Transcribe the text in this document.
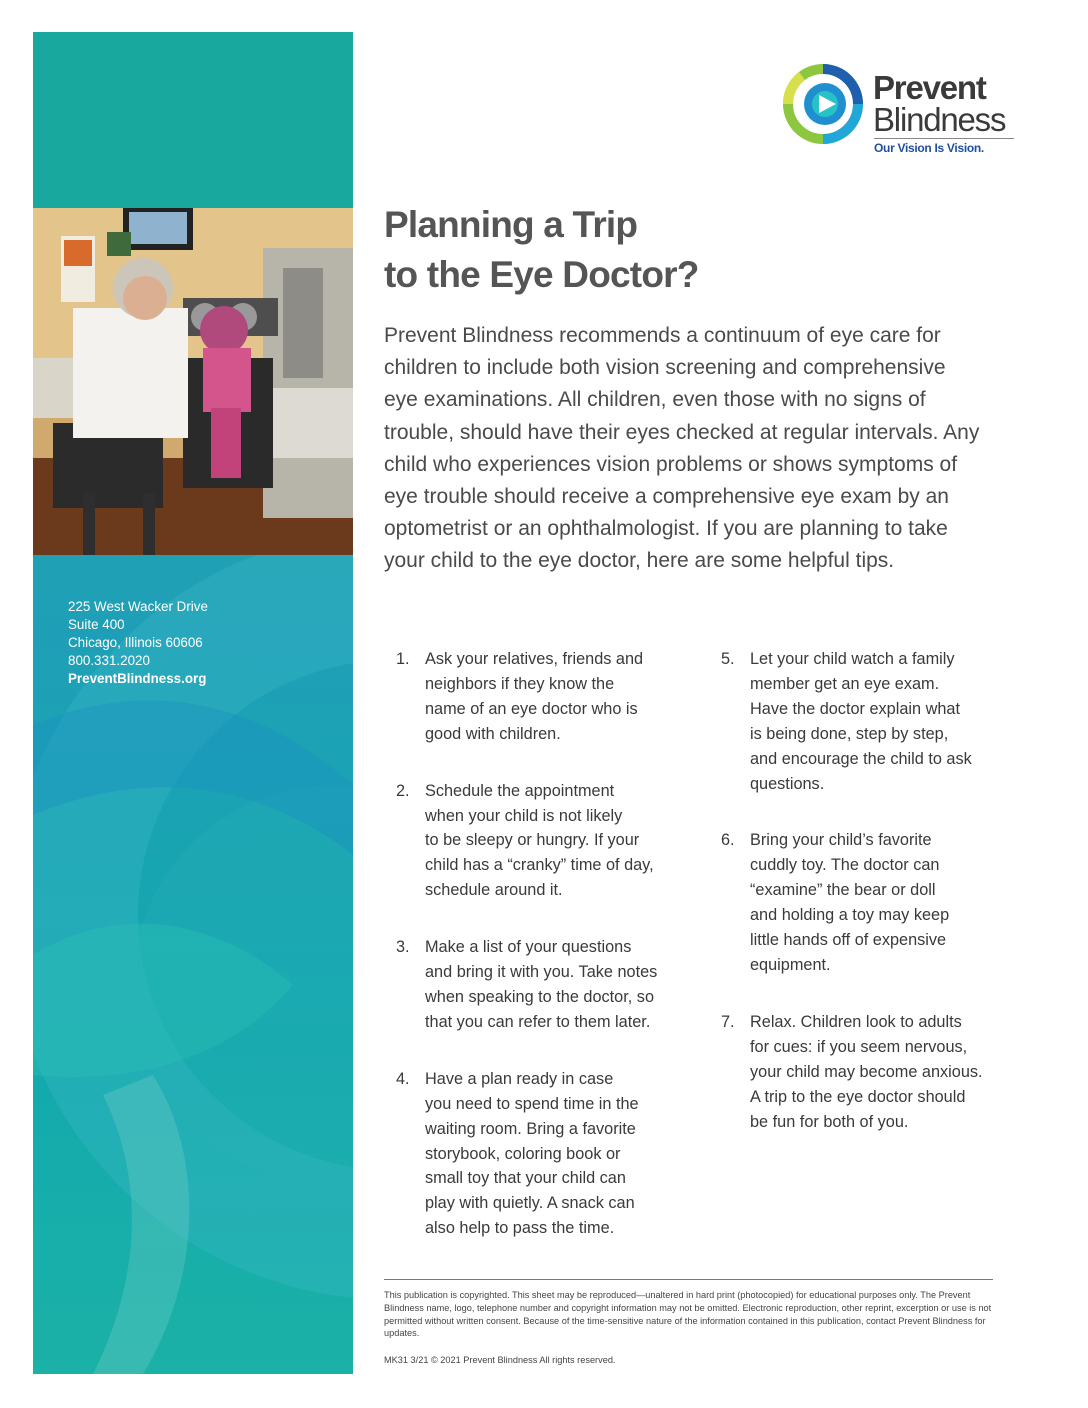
225 West Wacker Drive
Suite 400
Chicago, Illinois 60606
800.331.2020
PreventBlindness.org
Prevent
Blindness
Our Vision Is Vision.
Planning a Trip
to the Eye Doctor?

Prevent Blindness recommends a continuum of eye care for children to include both vision screening and comprehensive eye examinations. All children, even those with no signs of trouble, should have their eyes checked at regular intervals. Any child who experiences vision problems or shows symptoms of eye trouble should receive a comprehensive eye exam by an optometrist or an ophthalmologist. If you are planning to take your child to the eye doctor, here are some helpful tips.

1. Ask your relatives, friends and
neighbors if they know the
name of an eye doctor who is
good with children.
2. Schedule the appointment
when your child is not likely
to be sleepy or hungry. If your
child has a “cranky” time of day,
schedule around it.
3. Make a list of your questions
and bring it with you. Take notes
when speaking to the doctor, so
that you can refer to them later.
4. Have a plan ready in case
you need to spend time in the
waiting room. Bring a favorite
storybook, coloring book or
small toy that your child can
play with quietly. A snack can
also help to pass the time.
5. Let your child watch a family
member get an eye exam.
Have the doctor explain what
is being done, step by step,
and encourage the child to ask
questions.
6. Bring your child’s favorite
cuddly toy. The doctor can
“examine” the bear or doll
and holding a toy may keep
little hands off of expensive
equipment.
7. Relax. Children look to adults
for cues: if you seem nervous,
your child may become anxious.
A trip to the eye doctor should
be fun for both of you.

This publication is copyrighted. This sheet may be reproduced—unaltered in hard print (photocopied) for educational purposes only. The Prevent Blindness name, logo, telephone number and copyright information may not be omitted. Electronic reproduction, other reprint, excerption or use is not permitted without written consent. Because of the time-sensitive nature of the information contained in this publication, contact Prevent Blindness for updates.

MK31 3/21 © 2021 Prevent Blindness All rights reserved.
